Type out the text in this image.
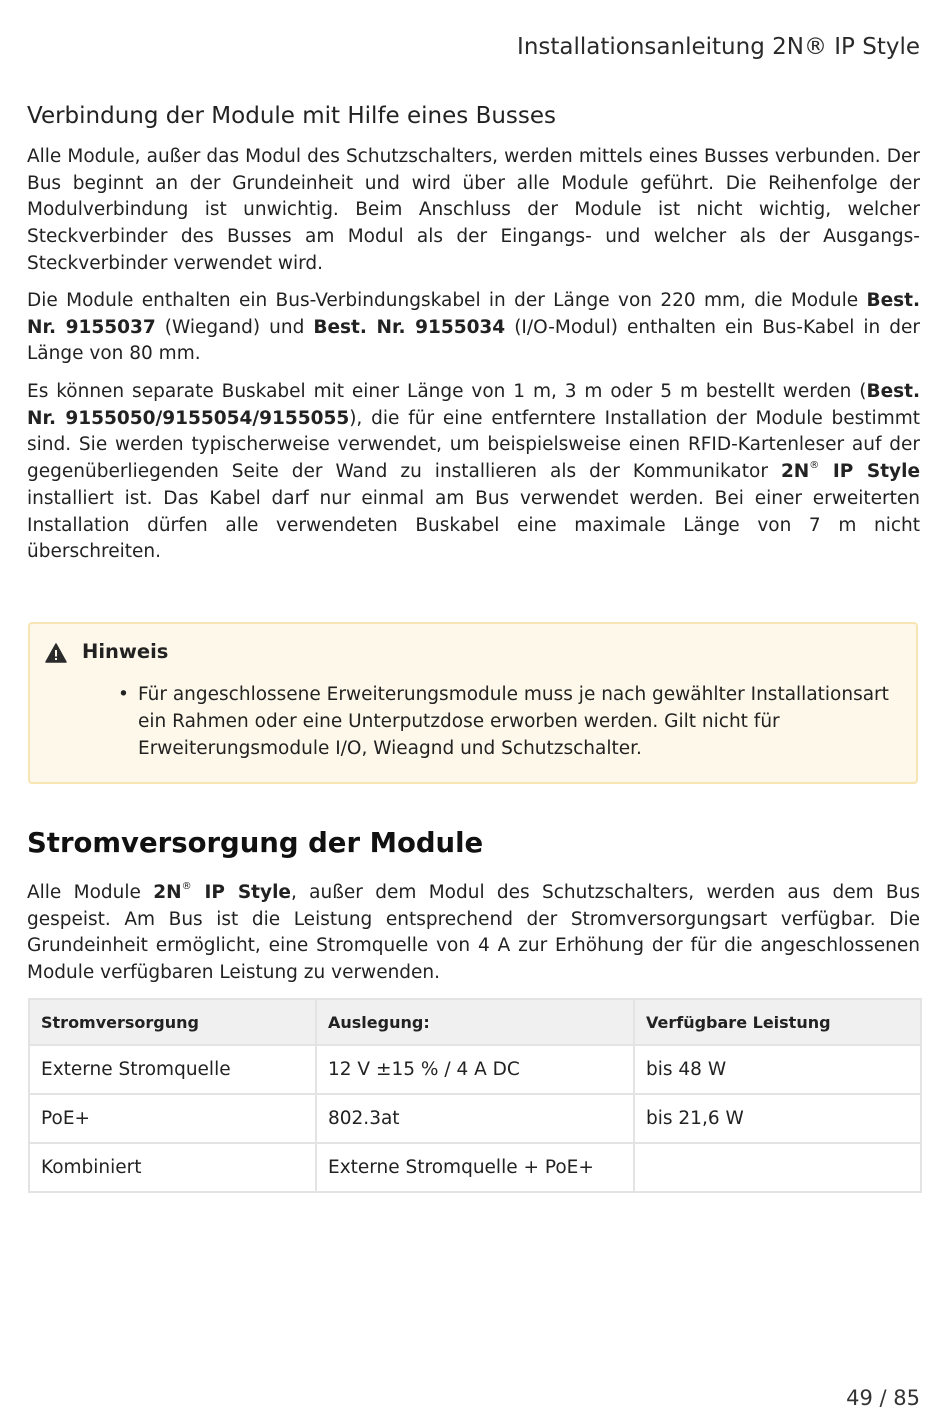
Installationsanleitung 2N® IP Style
Verbindung der Module mit Hilfe eines Busses

Alle Module, außer das Modul des Schutzschalters, werden mittels eines Busses verbunden. Der Bus beginnt an der Grundeinheit und wird über alle Module geführt. Die Reihenfolge der Modulverbindung ist unwichtig. Beim Anschluss der Module ist nicht wichtig, welcher Steckverbinder des Busses am Modul als der Eingangs- und welcher als der Ausgangs-Steckverbinder verwendet wird.

Die Module enthalten ein Bus-Verbindungskabel in der Länge von 220 mm, die Module Best. Nr. 9155037 (Wiegand) und Best. Nr. 9155034 (I/O-Modul) enthalten ein Bus-Kabel in der Länge von 80 mm.

Es können separate Buskabel mit einer Länge von 1 m, 3 m oder 5 m bestellt werden (Best. Nr. 9155050/9155054/9155055), die für eine entferntere Installation der Module bestimmt sind. Sie werden typischerweise verwendet, um beispielsweise einen RFID-Kartenleser auf der gegenüberliegenden Seite der Wand zu installieren als der Kommunikator 2N® IP Style installiert ist. Das Kabel darf nur einmal am Bus verwendet werden. Bei einer erweiterten Installation dürfen alle verwendeten Buskabel eine maximale Länge von 7 m nicht überschreiten.

Hinweis
• Für angeschlossene Erweiterungsmodule muss je nach gewählter Installationsart ein Rahmen oder eine Unterputzdose erworben werden. Gilt nicht für Erweiterungsmodule I/O, Wieagnd und Schutzschalter.
Stromversorgung der Module

Alle Module 2N® IP Style, außer dem Modul des Schutzschalters, werden aus dem Bus gespeist. Am Bus ist die Leistung entsprechend der Stromversorgungsart verfügbar. Die Grundeinheit ermöglicht, eine Stromquelle von 4 A zur Erhöhung der für die angeschlossenen Module verfügbaren Leistung zu verwenden.

Stromversorgung	Auslegung:	Verfügbare Leistung
Externe Stromquelle	12 V ±15 % / 4 A DC	bis 48 W
PoE+	802.3at	bis 21,6 W
Kombiniert	Externe Stromquelle + PoE+	
49 / 85
